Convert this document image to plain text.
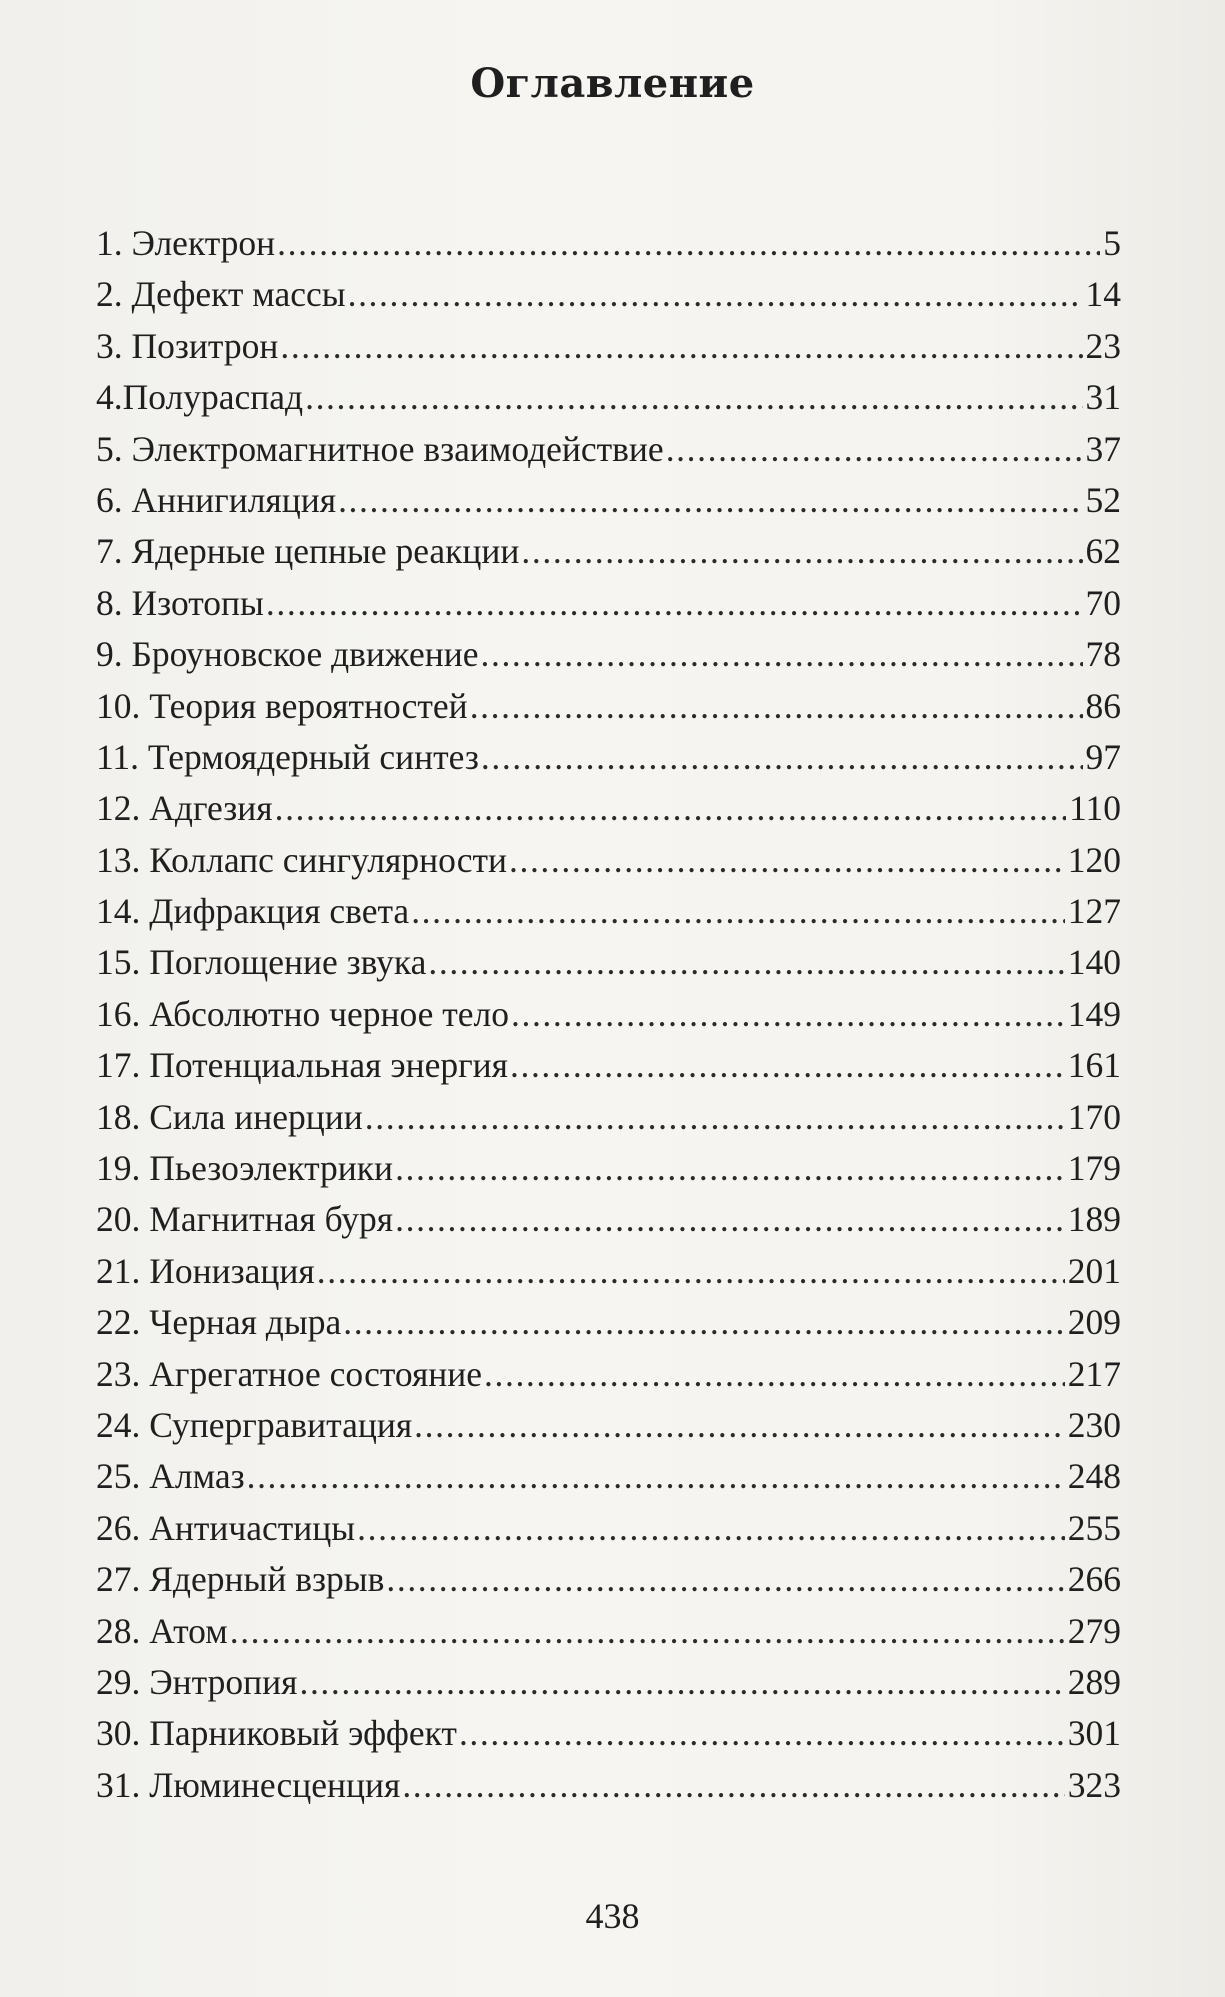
Оглавление
1. Электрон .....	5
2. Дефект массы .....	14
3. Позитрон .....	23
4.Полураспад .....	31
5. Электромагнитное взаимодействие .....	37
6. Аннигиляция .....	52
7. Ядерные цепные реакции .....	62
8. Изотопы .....	70
9. Броуновское движение .....	78
10. Теория вероятностей .....	86
11. Термоядерный синтез .....	97
12. Адгезия .....	110
13. Коллапс сингулярности .....	120
14. Дифракция света .....	127
15. Поглощение звука .....	140
16. Абсолютно черное тело .....	149
17. Потенциальная энергия .....	161
18. Сила инерции .....	170
19. Пьезоэлектрики .....	179
20. Магнитная буря .....	189
21. Ионизация .....	201
22. Черная дыра .....	209
23. Агрегатное состояние .....	217
24. Супергравитация .....	230
25. Алмаз .....	248
26. Античастицы .....	255
27. Ядерный взрыв .....	266
28. Атом .....	279
29. Энтропия .....	289
30. Парниковый эффект .....	301
31. Люминесценция .....	323
438
